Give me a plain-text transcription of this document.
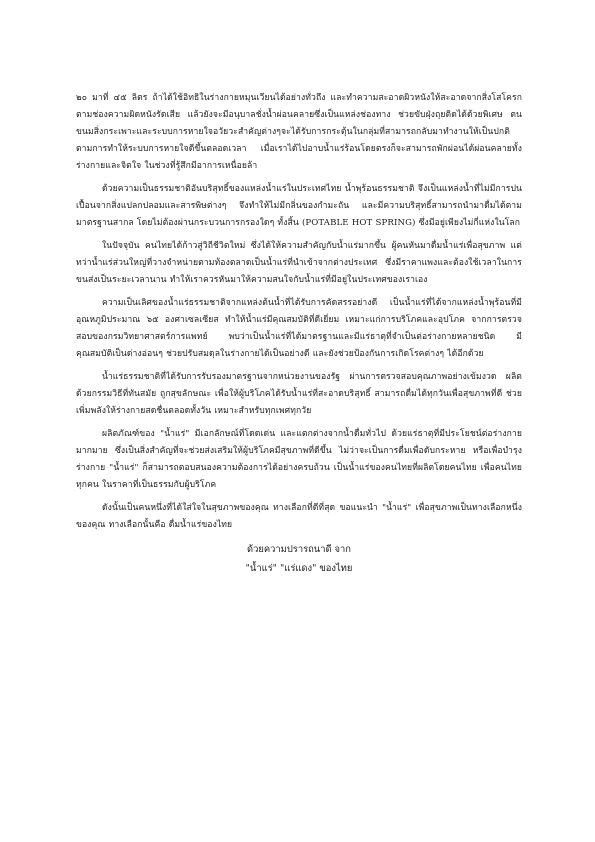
๒๐ มาที่ ๔๕ ลิตร ถ้าได้ใช้อิทธิในร่างกายหมุนเวียนได้อย่างทั่วถึง และทำความสะอาดผิวหนังให้สะอาดจากสิ่งโสโครก ตามช่องความผิดหนังรัดเสีย แล้วยังจะมีอนุบาลชั่งน้ำผ่อนคลายซึ่งเป็นแหล่งช่องทาง ช่วยขับฝุ่งถุยติดได้ด้วยพิเศษ ตนขนมสิ่งกระเพาะและระบบการหายใจอวัยวะสำคัญต่างๆจะได้รับการกระตุ้นในกลุ่มที่สามารถกลับมาทำงานให้เป็นปกติ ตามการทำให้ระบบการหายใจดีขึ้นตลอดเวลา เมื่อเราได้ไปอาบน้ำแร่ร้อนโดยตรงก็จะสามารถพักผ่อนได้ผ่อนคลายทั้งร่างกายและจิตใจ ในช่วงที่รู้สึกมีอาการเหนื่อยล้า

ด้วยความเป็นธรรมชาติอันบริสุทธิ์ของแหล่งน้ำแร่ในประเทศไทย น้ำพุร้อนธรรมชาติ จึงเป็นแหล่งน้ำที่ไม่มีการปนเปื้อนจากสิ่งแปลกปลอมและสารพิษต่างๆ จึงทำให้ไม่มีกลิ่นของกำมะถัน และมีความบริสุทธิ์สามารถนำมาดื่มได้ตามมาตรฐานสากล โดยไม่ต้องผ่านกระบวนการกรองใดๆ ทั้งสิ้น (POTABLE HOT SPRING) ซึ่งมีอยู่เพียงไม่กี่แห่งในโลก

ในปัจจุบัน คนไทยได้ก้าวสู่วิถีชีวิตใหม่ ซึ่งได้ให้ความสำคัญกับน้ำแร่มากขึ้น ผู้คนหันมาดื่มน้ำแร่เพื่อสุขภาพ แต่ทว่าน้ำแร่ส่วนใหญ่ที่วางจำหน่ายตามท้องตลาดเป็นน้ำแร่ที่นำเข้าจากต่างประเทศ ซึ่งมีราคาแพงและต้องใช้เวลาในการขนส่งเป็นระยะเวลานาน ทำให้เราควรหันมาให้ความสนใจกับน้ำแร่ที่มีอยู่ในประเทศของเราเอง

ความเป็นเลิศของน้ำแร่ธรรมชาติจากแหล่งต้นน้ำที่ได้รับการคัดสรรอย่างดี เป็นน้ำแร่ที่ได้จากแหล่งน้ำพุร้อนที่มีอุณหภูมิประมาณ ๖๕ องศาเซลเซียส ทำให้น้ำแร่มีคุณสมบัติที่ดีเยี่ยม เหมาะแก่การบริโภคและอุปโภค จากการตรวจสอบของกรมวิทยาศาสตร์การแพทย์ พบว่าเป็นน้ำแร่ที่ได้มาตรฐานและมีแร่ธาตุที่จำเป็นต่อร่างกายหลายชนิด มีคุณสมบัติเป็นด่างอ่อนๆ ช่วยปรับสมดุลในร่างกายได้เป็นอย่างดี และยังช่วยป้องกันการเกิดโรคต่างๆ ได้อีกด้วย

น้ำแร่ธรรมชาติที่ได้รับการรับรองมาตรฐานจากหน่วยงานของรัฐ ผ่านการตรวจสอบคุณภาพอย่างเข้มงวด ผลิตด้วยกรรมวิธีที่ทันสมัย ถูกสุขลักษณะ เพื่อให้ผู้บริโภคได้รับน้ำแร่ที่สะอาดบริสุทธิ์ สามารถดื่มได้ทุกวันเพื่อสุขภาพที่ดี ช่วยเพิ่มพลังให้ร่างกายสดชื่นตลอดทั้งวัน เหมาะสำหรับทุกเพศทุกวัย

ผลิตภัณฑ์ของ "น้ำแร่" มีเอกลักษณ์ที่โดดเด่น และแตกต่างจากน้ำดื่มทั่วไป ด้วยแร่ธาตุที่มีประโยชน์ต่อร่างกายมากมาย ซึ่งเป็นสิ่งสำคัญที่จะช่วยส่งเสริมให้ผู้บริโภคมีสุขภาพที่ดีขึ้น ไม่ว่าจะเป็นการดื่มเพื่อดับกระหาย หรือเพื่อบำรุงร่างกาย "น้ำแร่" ก็สามารถตอบสนองความต้องการได้อย่างครบถ้วน เป็นน้ำแร่ของคนไทยที่ผลิตโดยคนไทย เพื่อคนไทยทุกคน ในราคาที่เป็นธรรมกับผู้บริโภค

ดังนั้นเป็นคนหนึ่งที่ได้ใส่ใจในสุขภาพของคุณ ทางเลือกที่ดีที่สุด ขอแนะนำ "น้ำแร่" เพื่อสุขภาพเป็นทางเลือกหนึ่งของคุณ ทางเลือกนั้นคือ ดื่มน้ำแร่ของไทย

ด้วยความปรารถนาดี จาก
"น้ำแร่" "แร่แดง" ของไทย
